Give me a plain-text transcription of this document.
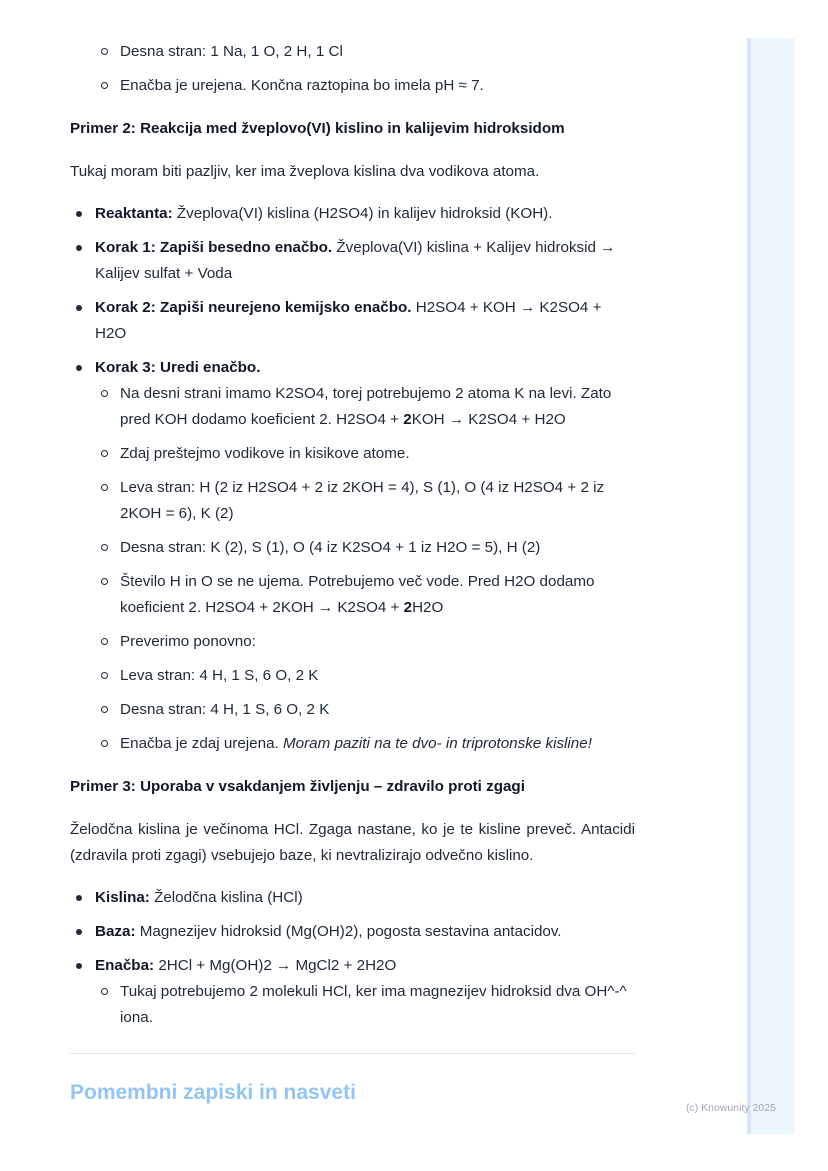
Desna stran: 1 Na, 1 O, 2 H, 1 Cl
Enačba je urejena. Končna raztopina bo imela pH ≈ 7.
Primer 2: Reakcija med žveplovo(VI) kislino in kalijevim hidroksidom

Tukaj moram biti pazljiv, ker ima žveplova kislina dva vodikova atoma.

Reaktanta: Žveplova(VI) kislina (H2SO4) in kalijev hidroksid (KOH).
Korak 1: Zapiši besedno enačbo. Žveplova(VI) kislina + Kalijev hidroksid → Kalijev sulfat + Voda
Korak 2: Zapiši neurejeno kemijsko enačbo. H2SO4 + KOH → K2SO4 + H2O
Korak 3: Uredi enačbo.
Na desni strani imamo K2SO4, torej potrebujemo 2 atoma K na levi. Zato pred KOH dodamo koeficient 2. H2SO4 + 2KOH → K2SO4 + H2O
Zdaj preštejmo vodikove in kisikove atome.
Leva stran: H (2 iz H2SO4 + 2 iz 2KOH = 4), S (1), O (4 iz H2SO4 + 2 iz 2KOH = 6), K (2)
Desna stran: K (2), S (1), O (4 iz K2SO4 + 1 iz H2O = 5), H (2)
Število H in O se ne ujema. Potrebujemo več vode. Pred H2O dodamo koeficient 2. H2SO4 + 2KOH → K2SO4 + 2H2O
Preverimo ponovno:
Leva stran: 4 H, 1 S, 6 O, 2 K
Desna stran: 4 H, 1 S, 6 O, 2 K
Enačba je zdaj urejena. Moram paziti na te dvo- in triprotonske kisline!
Primer 3: Uporaba v vsakdanjem življenju – zdravilo proti zgagi

Želodčna kislina je večinoma HCl. Zgaga nastane, ko je te kisline preveč. Antacidi (zdravila proti zgagi) vsebujejo baze, ki nevtralizirajo odvečno kislino.

Kislina: Želodčna kislina (HCl)
Baza: Magnezijev hidroksid (Mg(OH)2), pogosta sestavina antacidov.
Enačba: 2HCl + Mg(OH)2 → MgCl2 + 2H2O
Tukaj potrebujemo 2 molekuli HCl, ker ima magnezijev hidroksid dva OH^-^ iona.
Pomembni zapiski in nasveti
(c) Knowunity 2025
